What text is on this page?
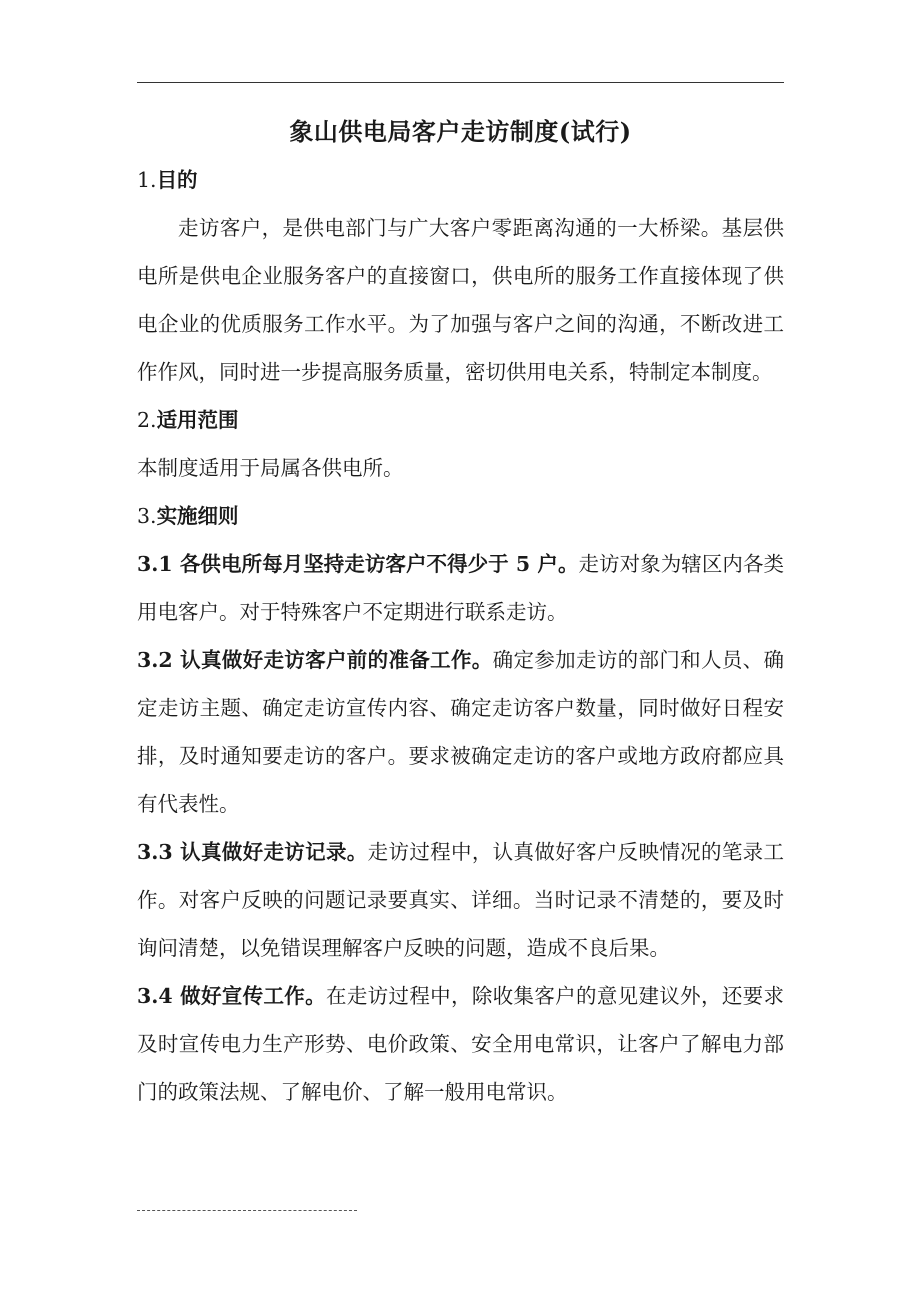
象山供电局客户走访制度(试行)
1.目的

走访客户，是供电部门与广大客户零距离沟通的一大桥梁。基层供电所是供电企业服务客户的直接窗口，供电所的服务工作直接体现了供电企业的优质服务工作水平。为了加强与客户之间的沟通，不断改进工作作风，同时进一步提高服务质量，密切供用电关系，特制定本制度。

2.适用范围

本制度适用于局属各供电所。

3.实施细则

3.1 各供电所每月坚持走访客户不得少于 5 户。走访对象为辖区内各类用电客户。对于特殊客户不定期进行联系走访。

3.2 认真做好走访客户前的准备工作。确定参加走访的部门和人员、确定走访主题、确定走访宣传内容、确定走访客户数量，同时做好日程安排，及时通知要走访的客户。要求被确定走访的客户或地方政府都应具有代表性。

3.3 认真做好走访记录。走访过程中，认真做好客户反映情况的笔录工作。对客户反映的问题记录要真实、详细。当时记录不清楚的，要及时询问清楚，以免错误理解客户反映的问题，造成不良后果。

3.4 做好宣传工作。在走访过程中，除收集客户的意见建议外，还要求及时宣传电力生产形势、电价政策、安全用电常识，让客户了解电力部门的政策法规、了解电价、了解一般用电常识。
